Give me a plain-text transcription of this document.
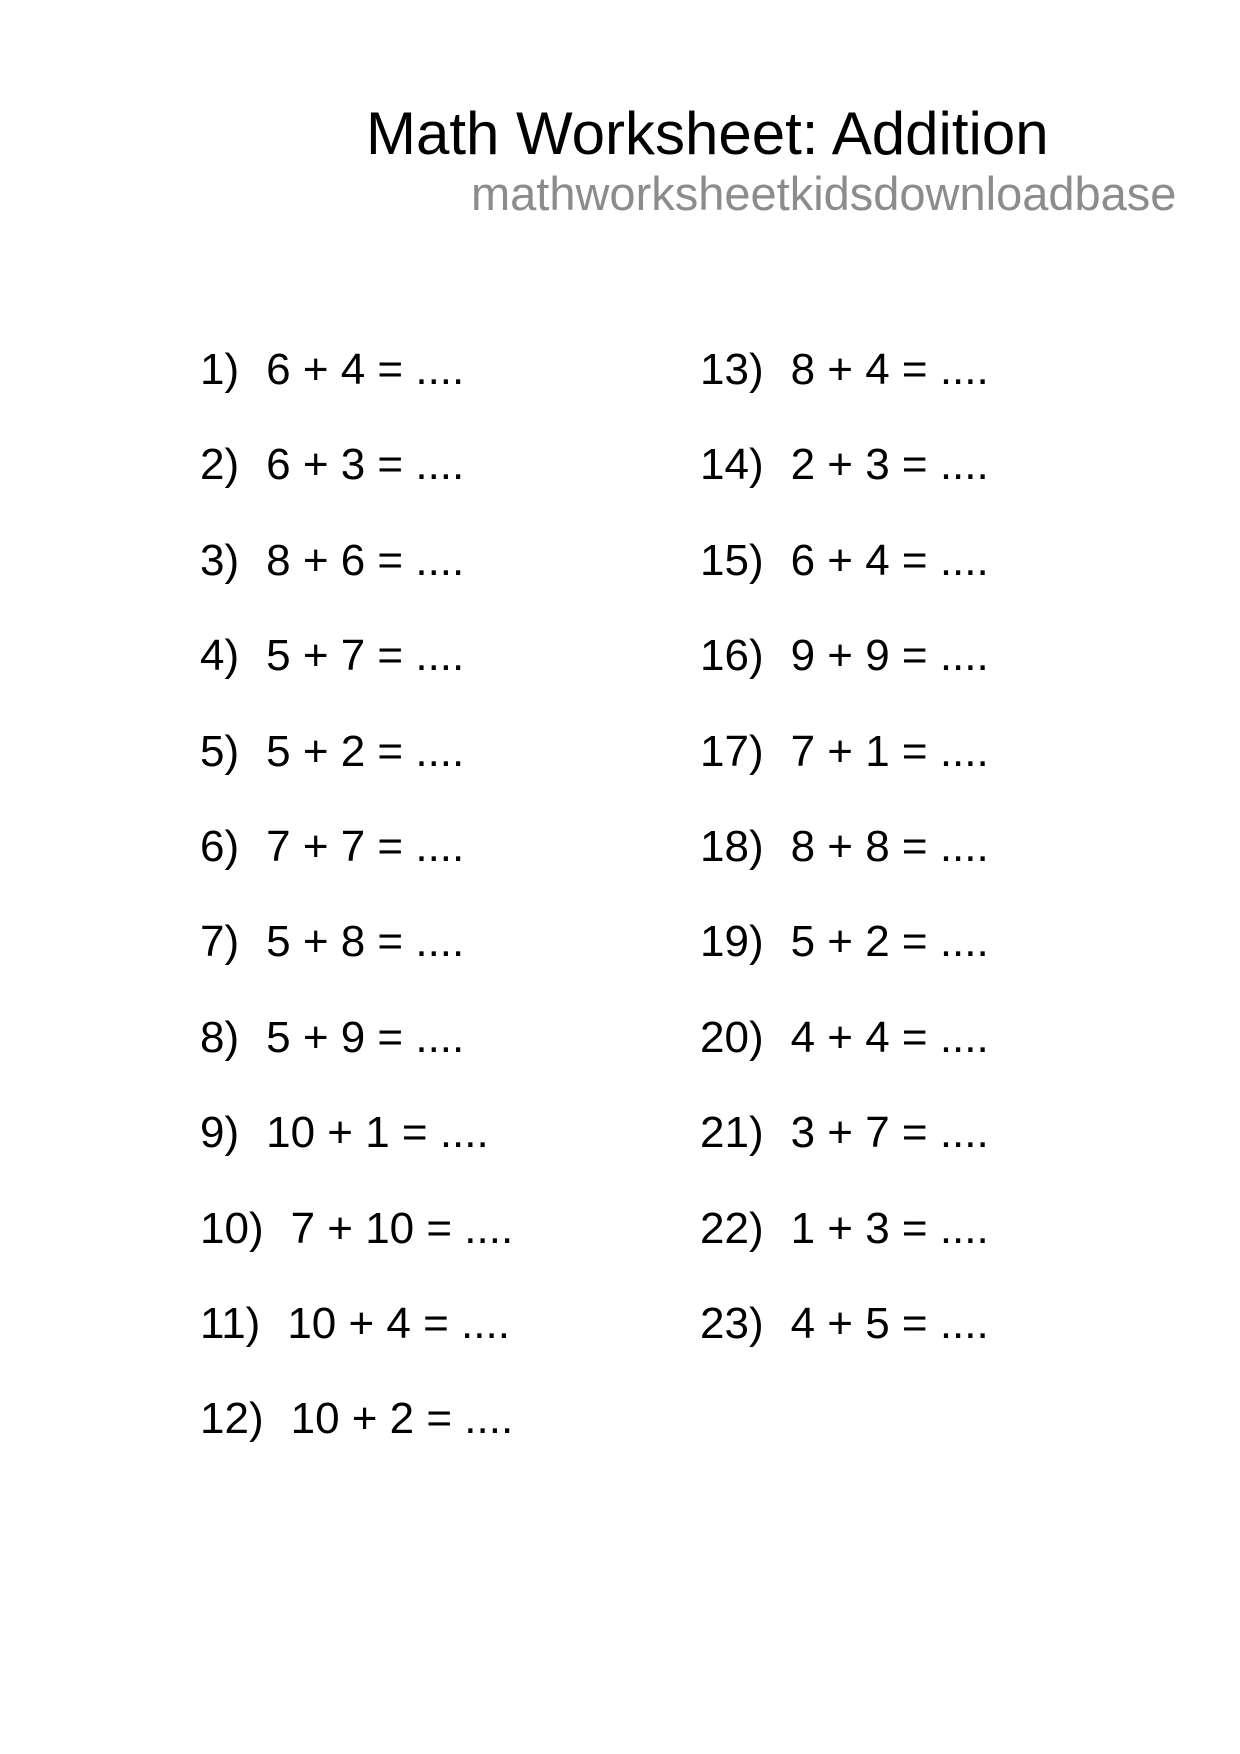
Math Worksheet: Addition
mathworksheetkidsdownloadbase
1) 6 + 4 = ....
2) 6 + 3 = ....
3) 8 + 6 = ....
4) 5 + 7 = ....
5) 5 + 2 = ....
6) 7 + 7 = ....
7) 5 + 8 = ....
8) 5 + 9 = ....
9) 10 + 1 = ....
10) 7 + 10 = ....
11) 10 + 4 = ....
12) 10 + 2 = ....
13) 8 + 4 = ....
14) 2 + 3 = ....
15) 6 + 4 = ....
16) 9 + 9 = ....
17) 7 + 1 = ....
18) 8 + 8 = ....
19) 5 + 2 = ....
20) 4 + 4 = ....
21) 3 + 7 = ....
22) 1 + 3 = ....
23) 4 + 5 = ....
